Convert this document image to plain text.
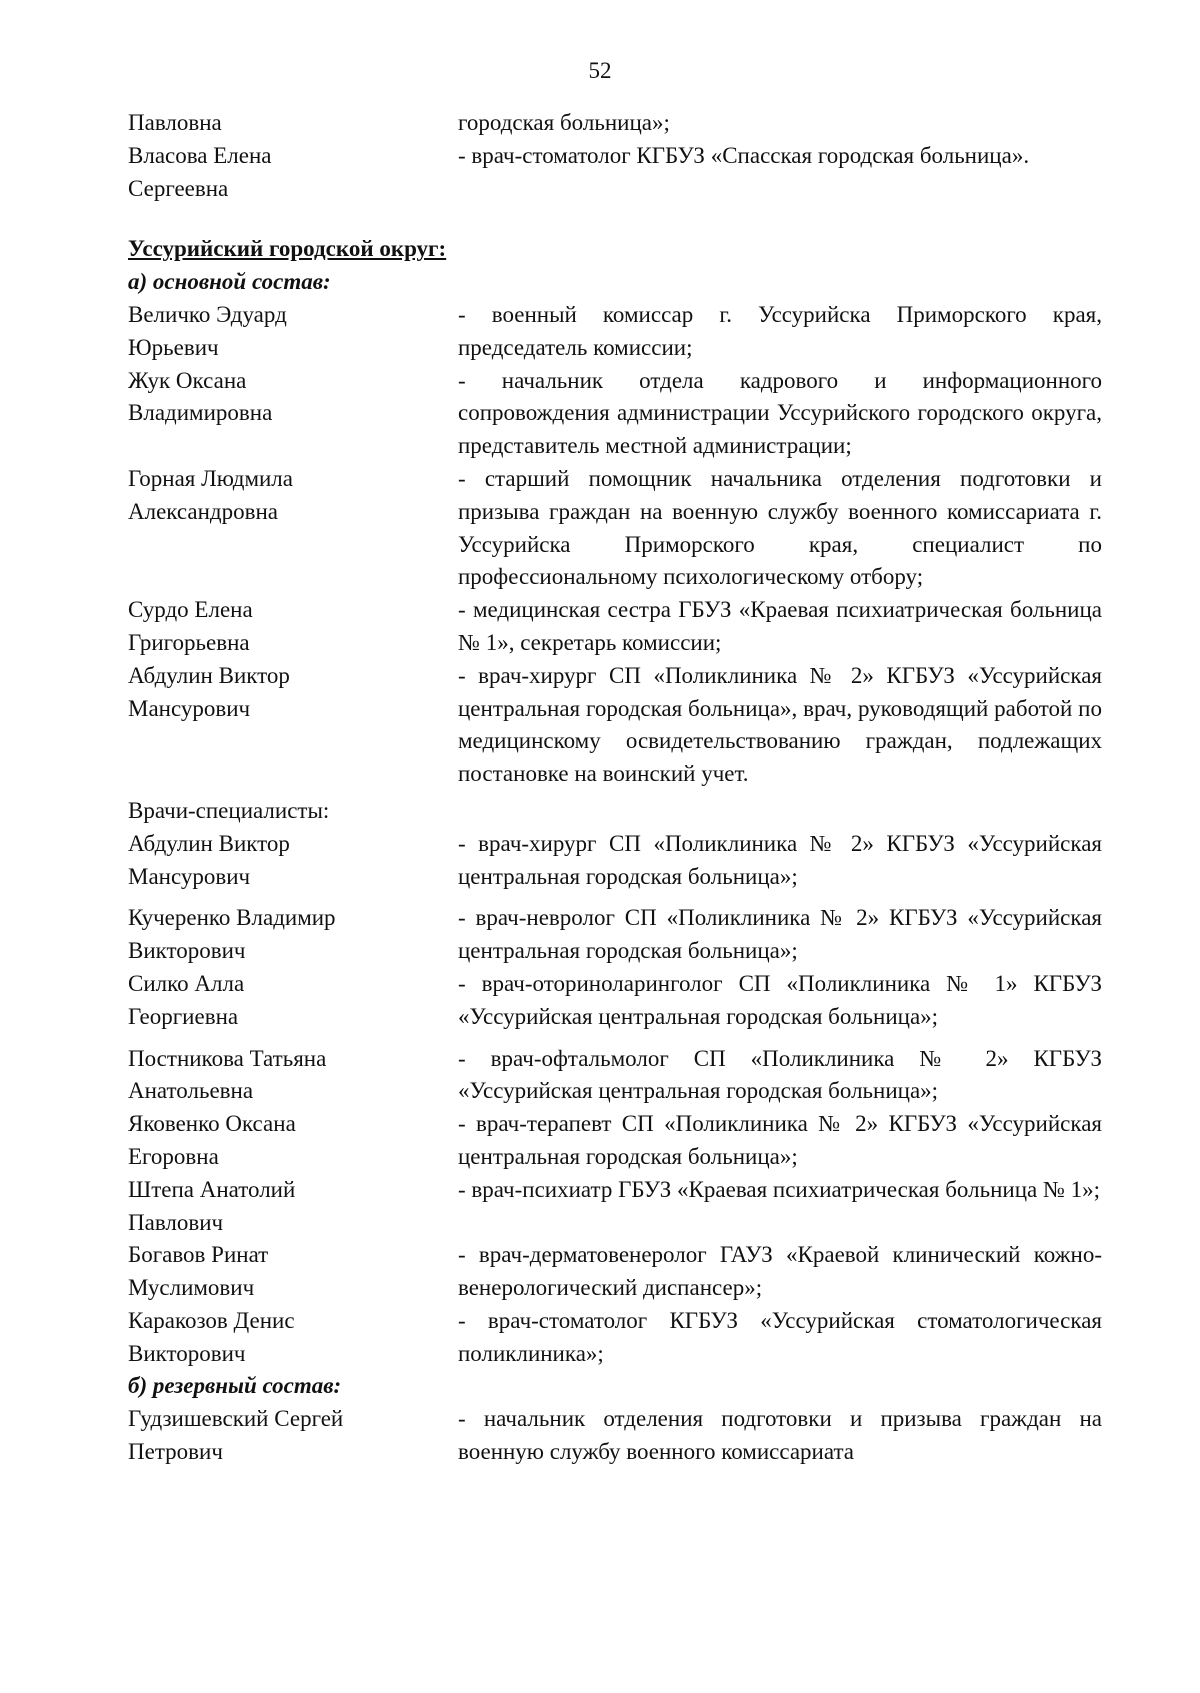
52
Павловна	городская больница»;
Власова Елена
Сергеевна
- врач-стоматолог КГБУЗ «Спасская городская больница».
Уссурийский городской округ:
а) основной состав:
Величко Эдуард
Юрьевич
- военный комиссар г. Уссурийска Приморского края, председатель комиссии;
Жук Оксана
Владимировна
- начальник отдела кадрового и информационного сопровождения администрации Уссурийского городского округа, представитель местной администрации;
Горная Людмила
Александровна
- старший помощник начальника отделения подготовки и призыва граждан на военную службу военного комиссариата г. Уссурийска Приморского края, специалист по профессиональному психологическому отбору;
Сурдо Елена
Григорьевна
- медицинская сестра ГБУЗ «Краевая психиатрическая больница № 1», секретарь комиссии;
Абдулин Виктор
Мансурович
- врач-хирург СП «Поликлиника № 2» КГБУЗ «Уссурийская центральная городская больница», врач, руководящий работой по медицинскому освидетельствованию граждан, подлежащих постановке на воинский учет.
Врачи-специалисты:
Абдулин Виктор
Мансурович
- врач-хирург СП «Поликлиника № 2» КГБУЗ «Уссурийская центральная городская больница»;
Кучеренко Владимир
Викторович
- врач-невролог СП «Поликлиника № 2» КГБУЗ «Уссурийская центральная городская больница»;
Силко Алла
Георгиевна
- врач-оториноларинголог СП «Поликлиника № 1» КГБУЗ «Уссурийская центральная городская больница»;
Постникова Татьяна
Анатольевна
- врач-офтальмолог СП «Поликлиника № 2» КГБУЗ «Уссурийская центральная городская больница»;
Яковенко Оксана
Егоровна
- врач-терапевт СП «Поликлиника № 2» КГБУЗ «Уссурийская центральная городская больница»;
Штепа Анатолий
Павлович
- врач-психиатр ГБУЗ «Краевая психиатрическая больница № 1»;
Богавов Ринат
Муслимович
- врач-дерматовенеролог ГАУЗ «Краевой клинический кожно-венерологический диспансер»;
Каракозов Денис
Викторович
- врач-стоматолог КГБУЗ «Уссурийская стоматологическая поликлиника»;
б) резервный состав:
Гудзишевский Сергей
Петрович
- начальник отделения подготовки и призыва граждан на военную службу военного комиссариата
